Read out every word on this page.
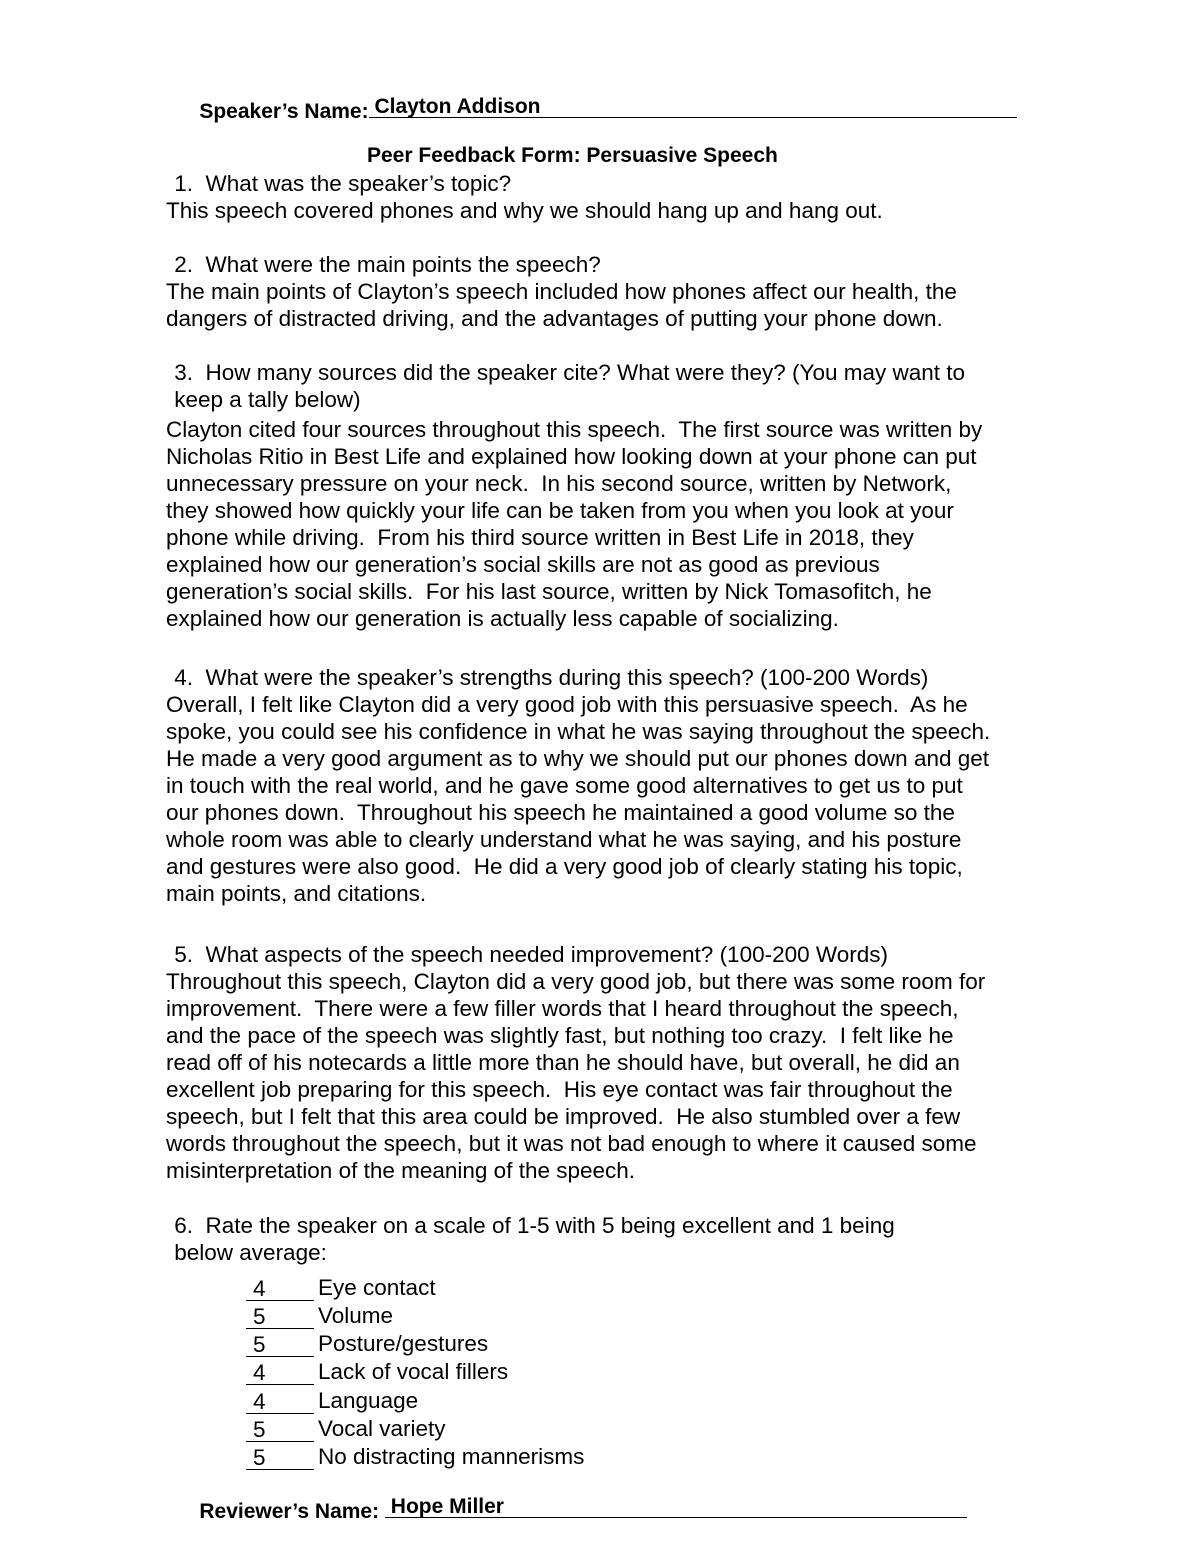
Speaker’s Name: Clayton Addison

Peer Feedback Form: Persuasive Speech
1.  What was the speaker’s topic?
This speech covered phones and why we should hang up and hang out.
2.  What were the main points the speech?
The main points of Clayton’s speech included how phones affect our health, the
dangers of distracted driving, and the advantages of putting your phone down.
3.  How many sources did the speaker cite? What were they? (You may want to
keep a tally below)
Clayton cited four sources throughout this speech.  The first source was written by
Nicholas Ritio in Best Life and explained how looking down at your phone can put
unnecessary pressure on your neck.  In his second source, written by Network,
they showed how quickly your life can be taken from you when you look at your
phone while driving.  From his third source written in Best Life in 2018, they
explained how our generation’s social skills are not as good as previous
generation’s social skills.  For his last source, written by Nick Tomasofitch, he
explained how our generation is actually less capable of socializing.
4.  What were the speaker’s strengths during this speech? (100-200 Words)
Overall, I felt like Clayton did a very good job with this persuasive speech.  As he
spoke, you could see his confidence in what he was saying throughout the speech.
He made a very good argument as to why we should put our phones down and get
in touch with the real world, and he gave some good alternatives to get us to put
our phones down.  Throughout his speech he maintained a good volume so the
whole room was able to clearly understand what he was saying, and his posture
and gestures were also good.  He did a very good job of clearly stating his topic,
main points, and citations.
5.  What aspects of the speech needed improvement? (100-200 Words)
Throughout this speech, Clayton did a very good job, but there was some room for
improvement.  There were a few filler words that I heard throughout the speech,
and the pace of the speech was slightly fast, but nothing too crazy.  I felt like he
read off of his notecards a little more than he should have, but overall, he did an
excellent job preparing for this speech.  His eye contact was fair throughout the
speech, but I felt that this area could be improved.  He also stumbled over a few
words throughout the speech, but it was not bad enough to where it caused some
misinterpretation of the meaning of the speech.
6.  Rate the speaker on a scale of 1-5 with 5 being excellent and 1 being
below average:
4 Eye contact
5 Volume
5 Posture/gestures
4 Lack of vocal fillers
4 Language
5 Vocal variety
5 No distracting mannerisms

Reviewer’s Name: Hope Miller
